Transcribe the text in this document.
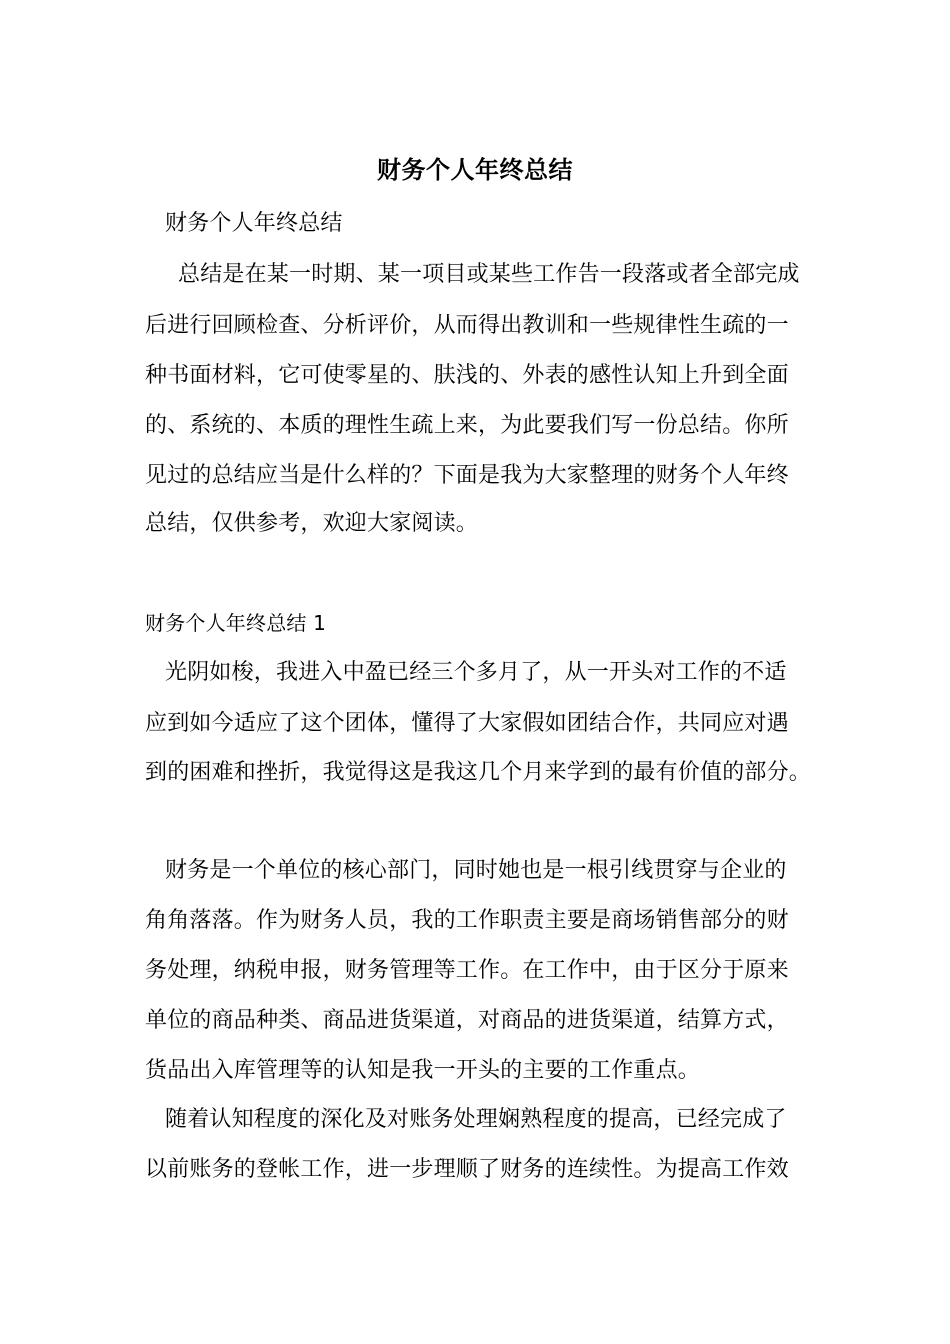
财务个人年终总结
财务个人年终总结
总结是在某一时期、某一项目或某些工作告一段落或者全部完成
后进行回顾检查、分析评价，从而得出教训和一些规律性生疏的一
种书面材料，它可使零星的、肤浅的、外表的感性认知上升到全面
的、系统的、本质的理性生疏上来，为此要我们写一份总结。你所
见过的总结应当是什么样的？下面是我为大家整理的财务个人年终
总结，仅供参考，欢迎大家阅读。
财务个人年终总结 1
光阴如梭，我进入中盈已经三个多月了，从一开头对工作的不适
应到如今适应了这个团体，懂得了大家假如团结合作，共同应对遇
到的困难和挫折，我觉得这是我这几个月来学到的最有价值的部分。
财务是一个单位的核心部门，同时她也是一根引线贯穿与企业的
角角落落。作为财务人员，我的工作职责主要是商场销售部分的财
务处理，纳税申报，财务管理等工作。在工作中，由于区分于原来
单位的商品种类、商品进货渠道，对商品的进货渠道，结算方式，
货品出入库管理等的认知是我一开头的主要的工作重点。
随着认知程度的深化及对账务处理娴熟程度的提高，已经完成了
以前账务的登帐工作，进一步理顺了财务的连续性。为提高工作效
